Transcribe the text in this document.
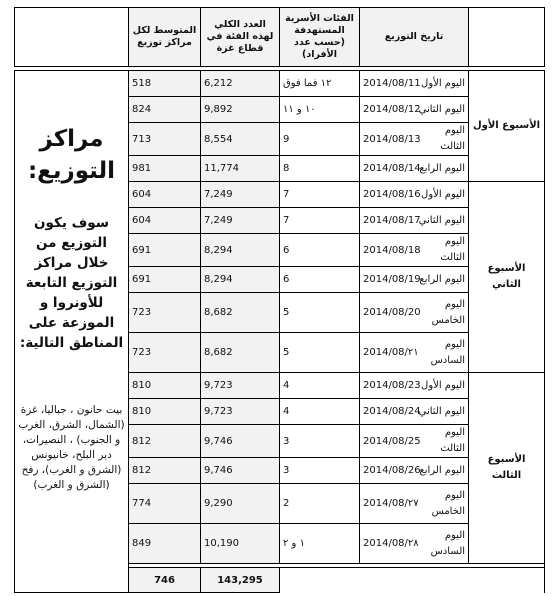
	المتوسط لكل مراكز توزيع	العدد الكلي لهذه الفئة في قطاع غزة	الفئات الأسرية المستهدفة (حسب عدد الأفراد)	تاريخ التوزيع		

مراكز التوزيع:
سوف يكون التوزيع من خلال مراكز التوزيع التابعة للأونروا و الموزعة على المناطق التالية:
بيت حانون ، جباليا، غزة (الشمال، الشرق، الغرب و الجنوب) ، النصيرات، دير البلح، خانيونس (الشرق و الغرب)، رفح (الشرق و الغرب)	518	6,212	١٢ فما فوق	2014/08/11	اليوم الأول	الأسبوع الأول
	824	9,892	١٠ و ١١	2014/08/12	اليوم الثاني	
	713	8,554	9	2014/08/13	اليوم الثالث	
	981	11,774	8	2014/08/14	اليوم الرابع	
	604	7,249	7	2014/08/16	اليوم الأول	الأسبوع الثاني
	604	7,249	7	2014/08/17	اليوم الثاني	
	691	8,294	6	2014/08/18	اليوم الثالث	
	691	8,294	6	2014/08/19	اليوم الرابع	
	723	8,682	5	2014/08/20	اليوم الخامس	
	723	8,682	5	2014/08/٢١	اليوم السادس	
	810	9,723	4	2014/08/23	اليوم الأول	الأسبوع الثالث
	810	9,723	4	2014/08/24	اليوم الثاني	
	812	9,746	3	2014/08/25	اليوم الثالث	
	812	9,746	3	2014/08/26	اليوم الرابع	
	774	9,290	2	2014/08/٢٧	اليوم الخامس	
	849	10,190	١ و ٢	2014/08/٢٨	اليوم السادس	

	746	143,295				
